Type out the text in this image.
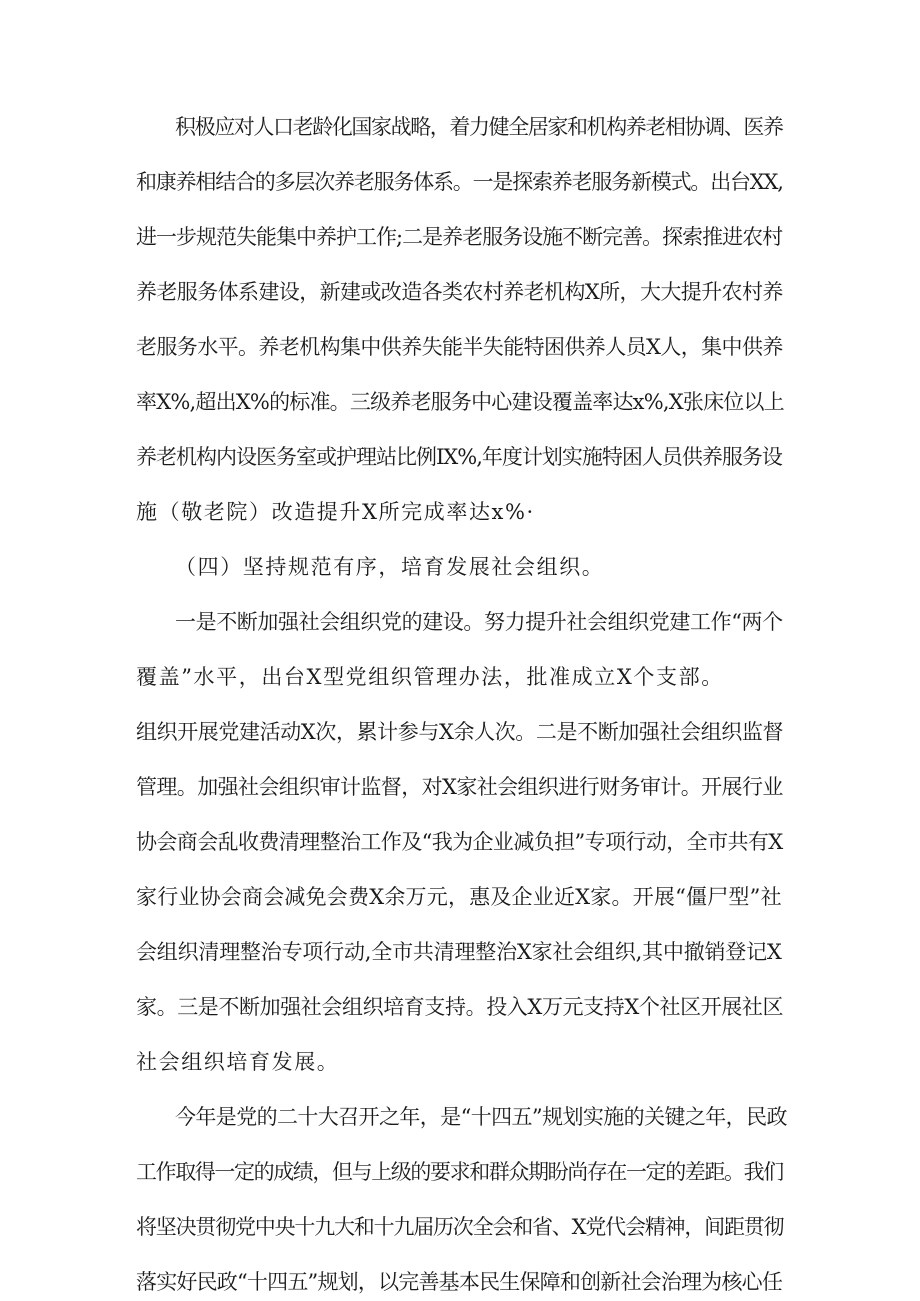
积极应对人口老龄化国家战略，着力健全居家和机构养老相协调、医养
和康养相结合的多层次养老服务体系。一是探索养老服务新模式。出台XX,
进一步规范失能集中养护工作;二是养老服务设施不断完善。探索推进农村
养老服务体系建设，新建或改造各类农村养老机构X所，大大提升农村养
老服务水平。养老机构集中供养失能半失能特困供养人员X人，集中供养
率X%,超出X%的标准。三级养老服务中心建设覆盖率达x%,X张床位以上
养老机构内设医务室或护理站比例IX%,年度计划实施特困人员供养服务设
施（敬老院）改造提升X所完成率达x%·
（四）坚持规范有序，培育发展社会组织。
一是不断加强社会组织党的建设。努力提升社会组织党建工作“两个
覆盖”水平，出台X型党组织管理办法，批准成立X个支部。
组织开展党建活动X次，累计参与X余人次。二是不断加强社会组织监督
管理。加强社会组织审计监督，对X家社会组织进行财务审计。开展行业
协会商会乱收费清理整治工作及“我为企业减负担”专项行动，全市共有X
家行业协会商会减免会费X余万元，惠及企业近X家。开展“僵尸型”社
会组织清理整治专项行动,全市共清理整治X家社会组织,其中撤销登记X
家。三是不断加强社会组织培育支持。投入X万元支持X个社区开展社区
社会组织培育发展。
今年是党的二十大召开之年，是“十四五”规划实施的关键之年，民政
工作取得一定的成绩，但与上级的要求和群众期盼尚存在一定的差距。我们
将坚决贯彻党中央十九大和十九届历次全会和省、X党代会精神，间距贯彻
落实好民政“十四五”规划，以完善基本民生保障和创新社会治理为核心任
